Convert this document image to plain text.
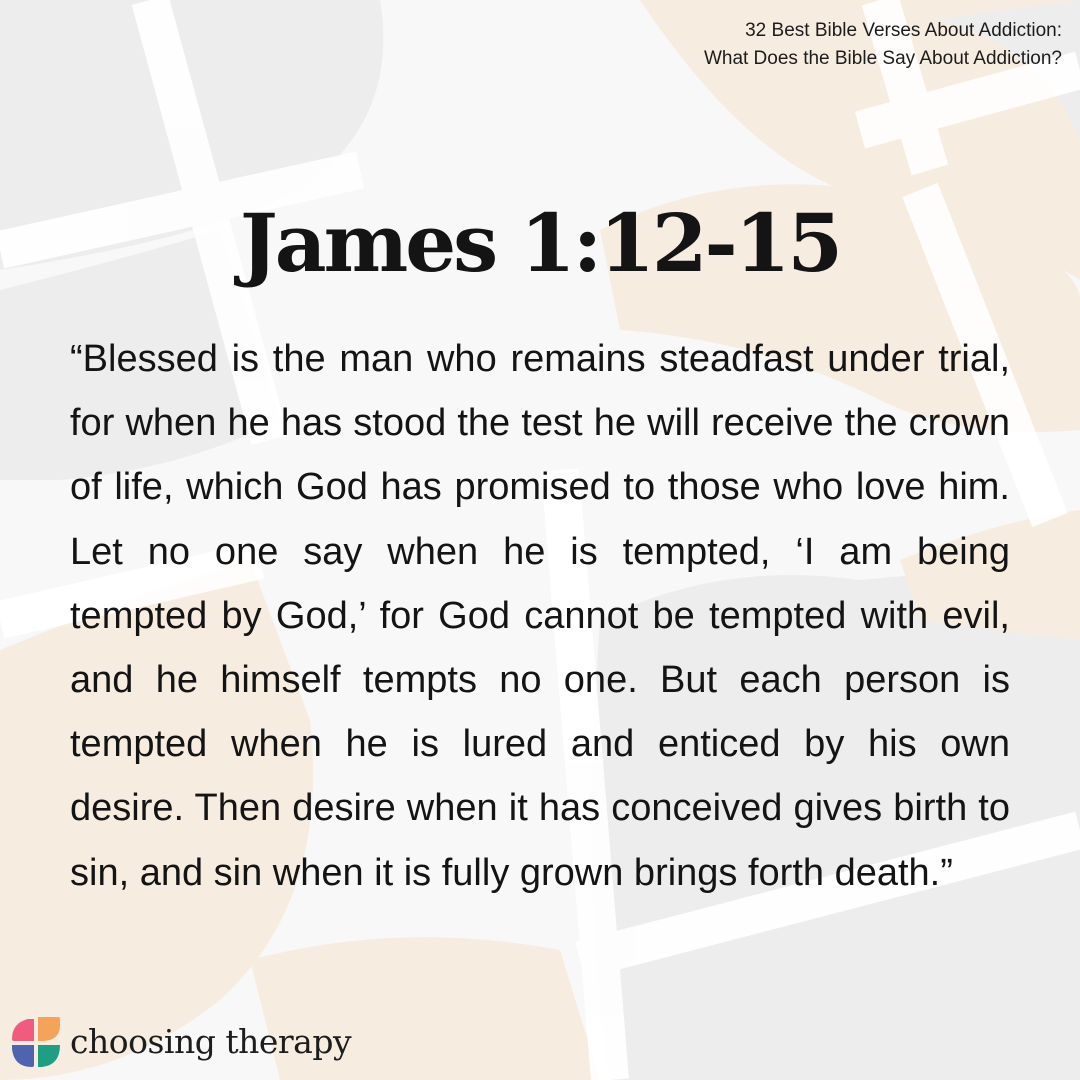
32 Best Bible Verses About Addiction:
What Does the Bible Say About Addiction?
James 1:12-15

“Blessed is the man who remains steadfast under trial, for when he has stood the test he will receive the crown of life, which God has promised to those who love him. Let no one say when he is tempted, ‘I am being tempted by God,’ for God cannot be tempted with evil, and he himself tempts no one. But each person is tempted when he is lured and enticed by his own desire. Then desire when it has conceived gives birth to sin, and sin when it is fully grown brings forth death.”

choosing therapy
